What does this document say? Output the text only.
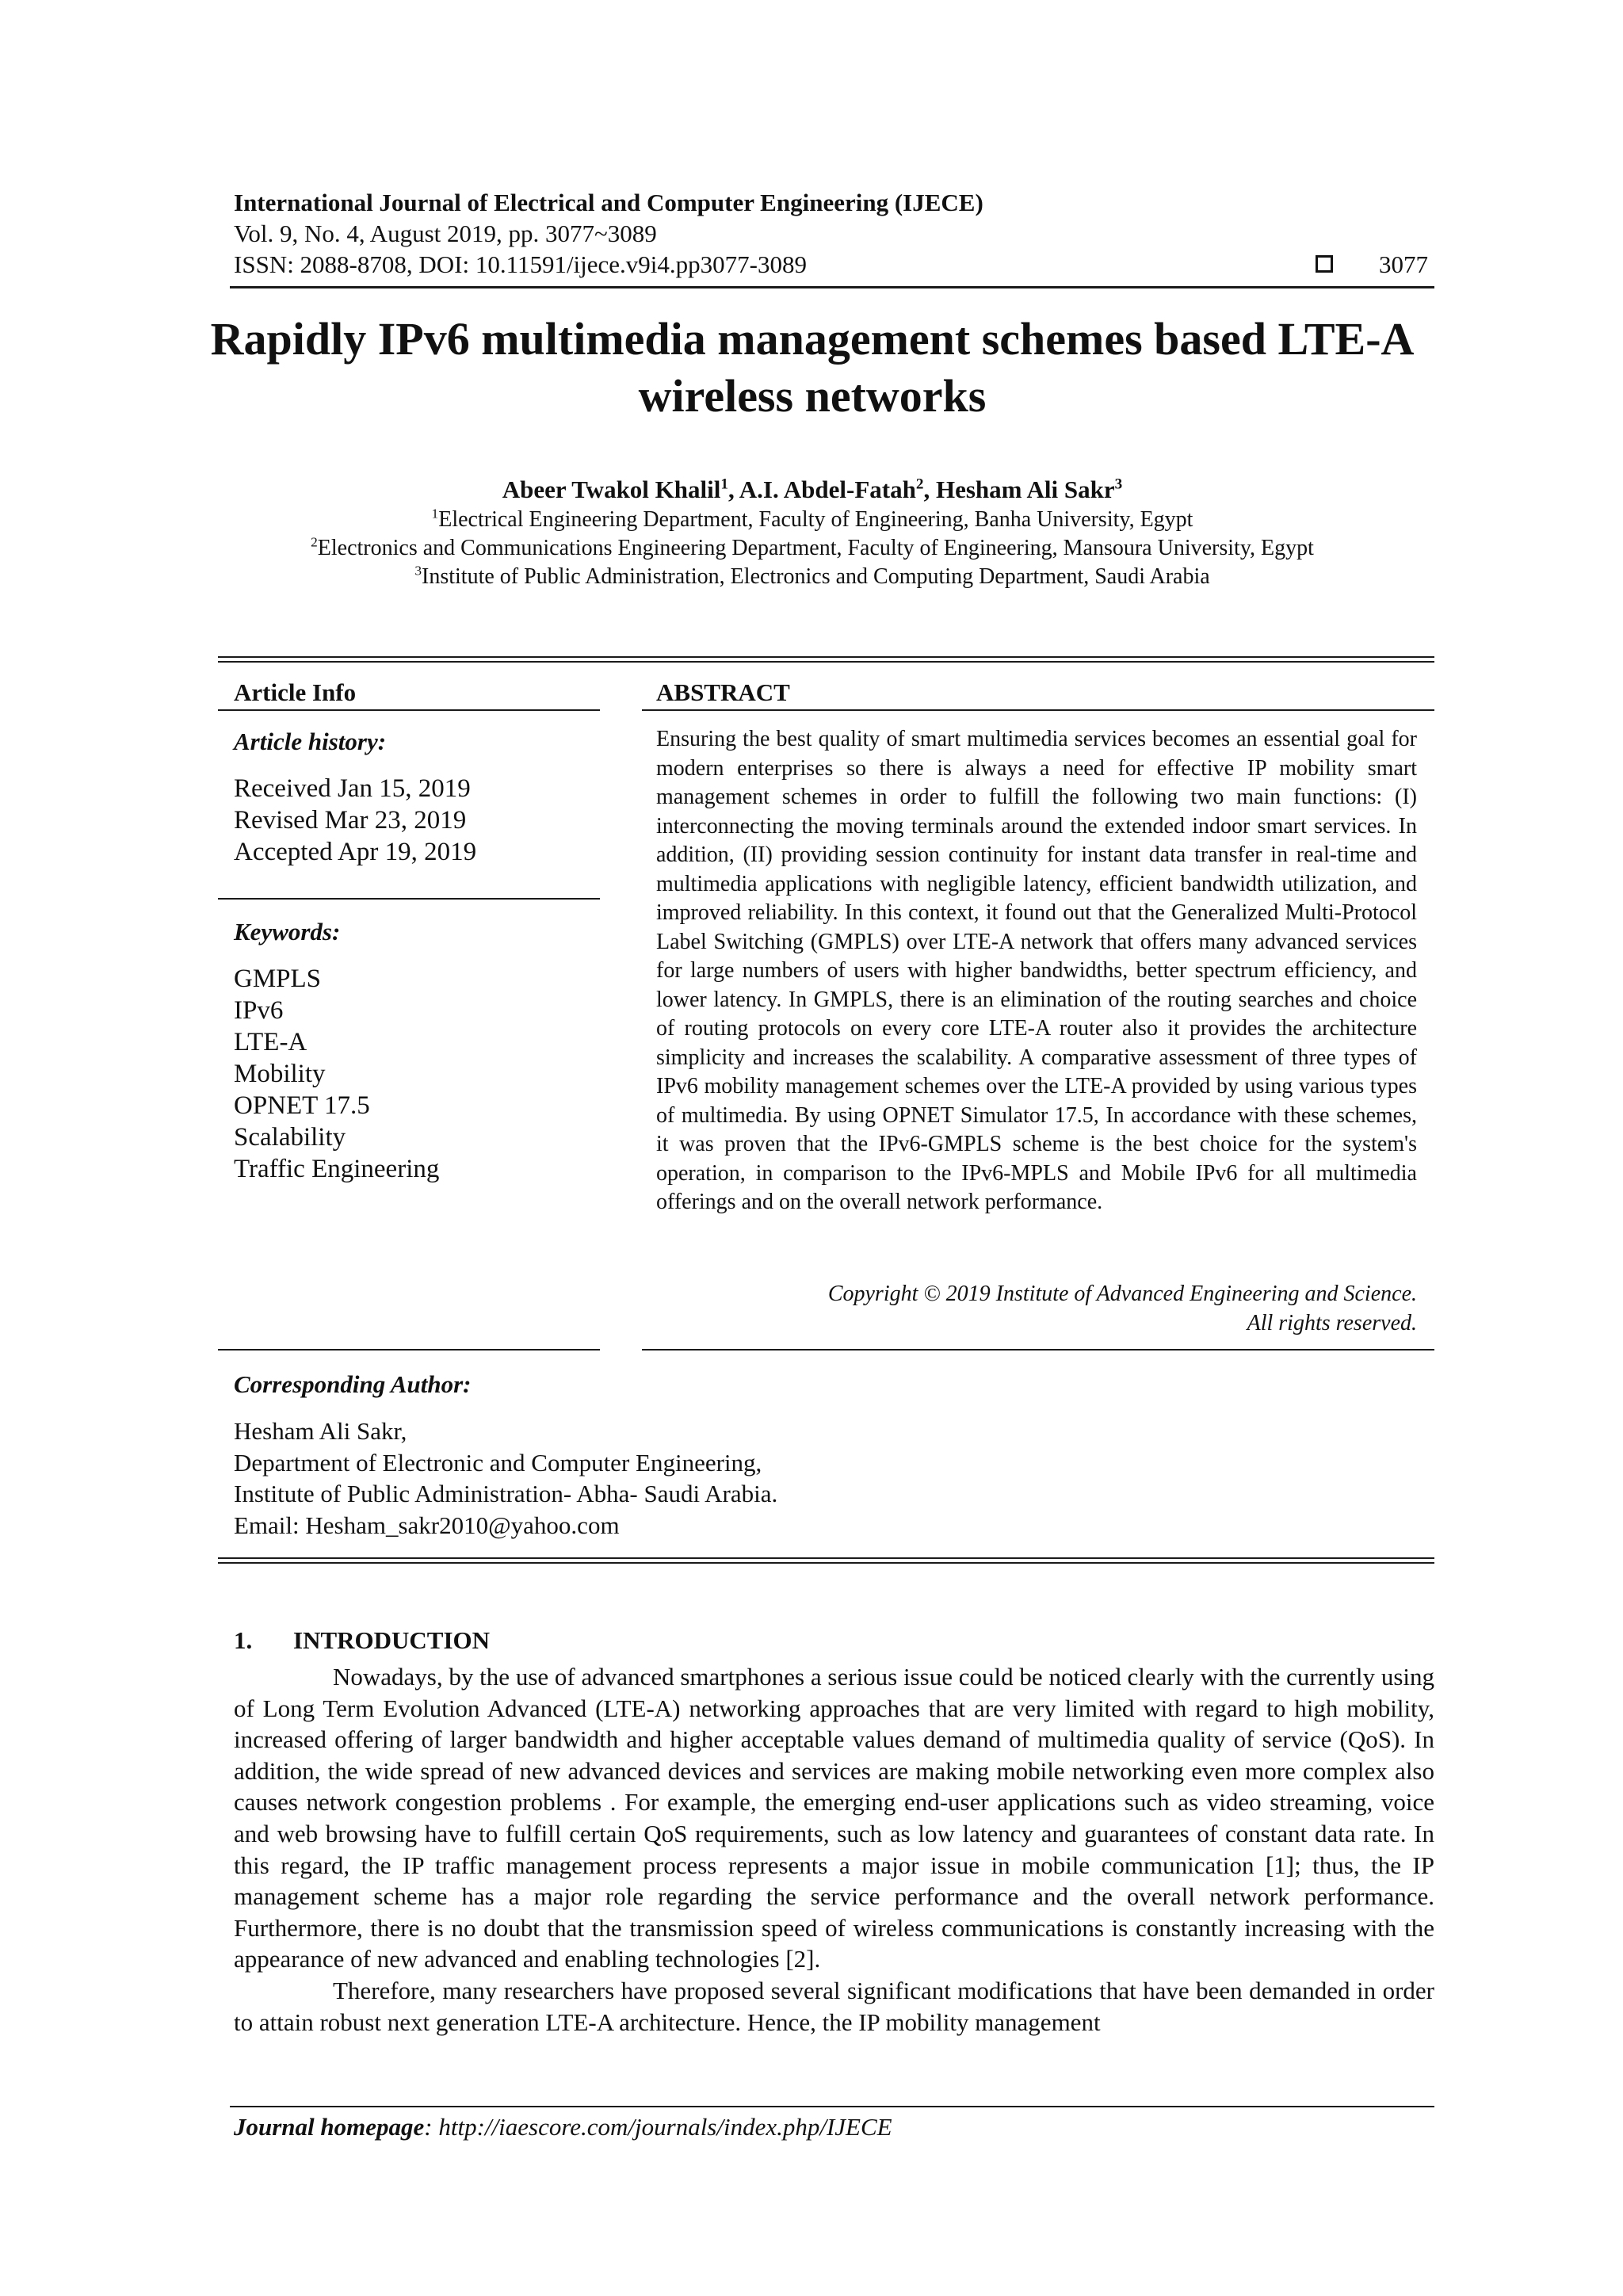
International Journal of Electrical and Computer Engineering (IJECE)
Vol. 9, No. 4, August 2019, pp. 3077~3089
ISSN: 2088-8708, DOI: 10.11591/ijece.v9i4.pp3077-3089	3077
Rapidly IPv6 multimedia management schemes based LTE-A
wireless networks
Abeer Twakol Khalil$^1$, A.I. Abdel-Fatah$^2$, Hesham Ali Sakr$^3$
$^1$Electrical Engineering Department, Faculty of Engineering, Banha University, Egypt
$^2$Electronics and Communications Engineering Department, Faculty of Engineering, Mansoura University, Egypt
$^3$Institute of Public Administration, Electronics and Computing Department, Saudi Arabia
Article Info
Article history:
Received Jan 15, 2019
Revised Mar 23, 2019
Accepted Apr 19, 2019
Keywords:
GMPLS
IPv6
LTE-A
Mobility
OPNET 17.5
Scalability
Traffic Engineering
ABSTRACT
Ensuring the best quality of smart multimedia services becomes an essential goal for modern enterprises so there is always a need for effective IP mobility smart management schemes in order to fulfill the following two main functions: (I) interconnecting the moving terminals around the extended indoor smart services. In addition, (II) providing session continuity for instant data transfer in real-time and multimedia applications with negligible latency, efficient bandwidth utilization, and improved reliability. In this context, it found out that the Generalized Multi-Protocol Label Switching (GMPLS) over LTE-A network that offers many advanced services for large numbers of users with higher bandwidths, better spectrum efficiency, and lower latency. In GMPLS, there is an elimination of the routing searches and choice of routing protocols on every core LTE-A router also it provides the architecture simplicity and increases the scalability. A comparative assessment of three types of IPv6 mobility management schemes over the LTE-A provided by using various types of multimedia. By using OPNET Simulator 17.5, In accordance with these schemes, it was proven that the IPv6-GMPLS scheme is the best choice for the system's operation, in comparison to the IPv6-MPLS and Mobile IPv6 for all multimedia offerings and on the overall network performance.
Copyright © 2019 Institute of Advanced Engineering and Science.
All rights reserved.
Corresponding Author:
Hesham Ali Sakr,
Department of Electronic and Computer Engineering,
Institute of Public Administration- Abha- Saudi Arabia.
Email: Hesham_sakr2010@yahoo.com
1. INTRODUCTION

Nowadays, by the use of advanced smartphones a serious issue could be noticed clearly with the currently using of Long Term Evolution Advanced (LTE-A) networking approaches that are very limited with regard to high mobility, increased offering of larger bandwidth and higher acceptable values demand of multimedia quality of service (QoS). In addition, the wide spread of new advanced devices and services are making mobile networking even more complex also causes network congestion problems . For example, the emerging end-user applications such as video streaming, voice and web browsing have to fulfill certain QoS requirements, such as low latency and guarantees of constant data rate. In this regard, the IP traffic management process represents a major issue in mobile communication [1]; thus, the IP management scheme has a major role regarding the service performance and the overall network performance. Furthermore, there is no doubt that the transmission speed of wireless communications is constantly increasing with the appearance of new advanced and enabling technologies [2].

Therefore, many researchers have proposed several significant modifications that have been demanded in order to attain robust next generation LTE-A architecture. Hence, the IP mobility management

Journal homepage: http://iaescore.com/journals/index.php/IJECE
